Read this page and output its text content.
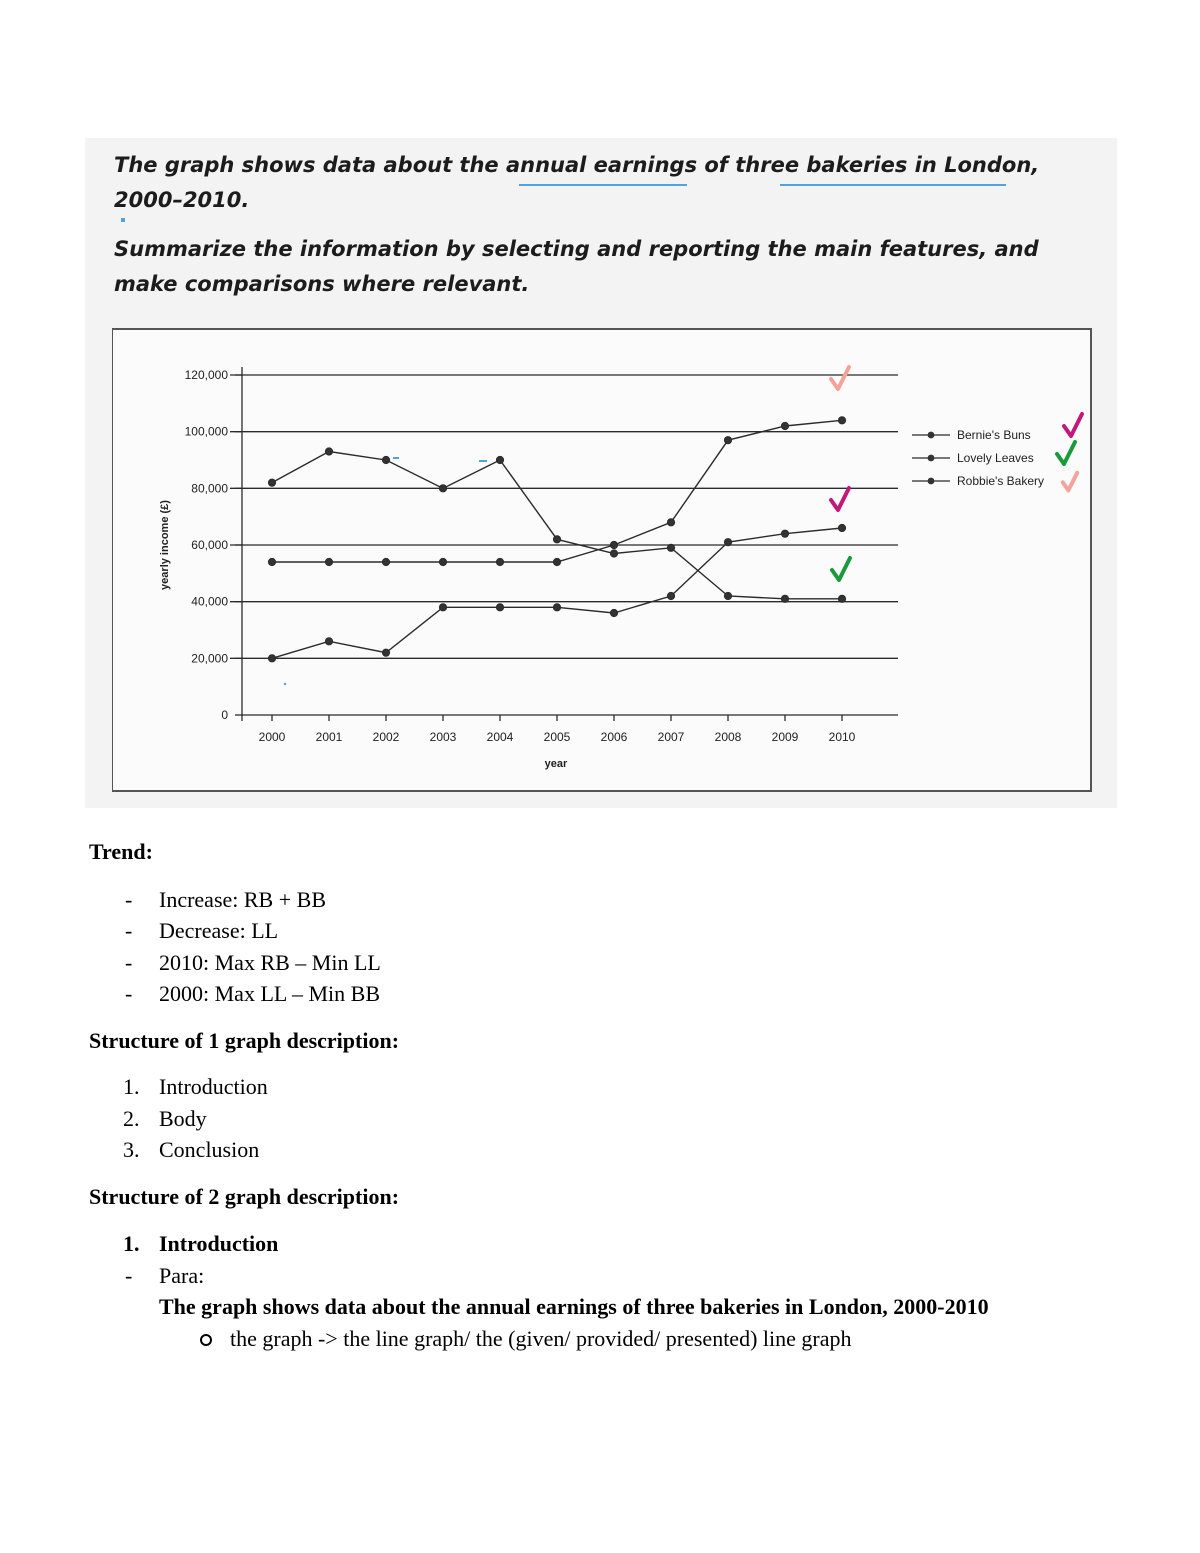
The graph shows data about the annual earnings of three bakeries in London,

2000–2010.

Summarize the information by selecting and reporting the main features, and

make comparisons where relevant.

0
20,000
40,000
60,000
80,000
100,000
120,000
2000	2001	2002	2003	2004	2005	2006	2007	2008	2009	2010
year
yearly income (£)
Bernie's Buns
Lovely Leaves
Robbie's Bakery
Trend:
- Increase: RB + BB
- Decrease: LL
- 2010: Max RB – Min LL
- 2000: Max LL – Min BB
Structure of 1 graph description:
1. Introduction
2. Body
3. Conclusion
Structure of 2 graph description:
1. Introduction
- Para:
The graph shows data about the annual earnings of three bakeries in London, 2000-2010
the graph -> the line graph/ the (given/ provided/ presented) line graph
